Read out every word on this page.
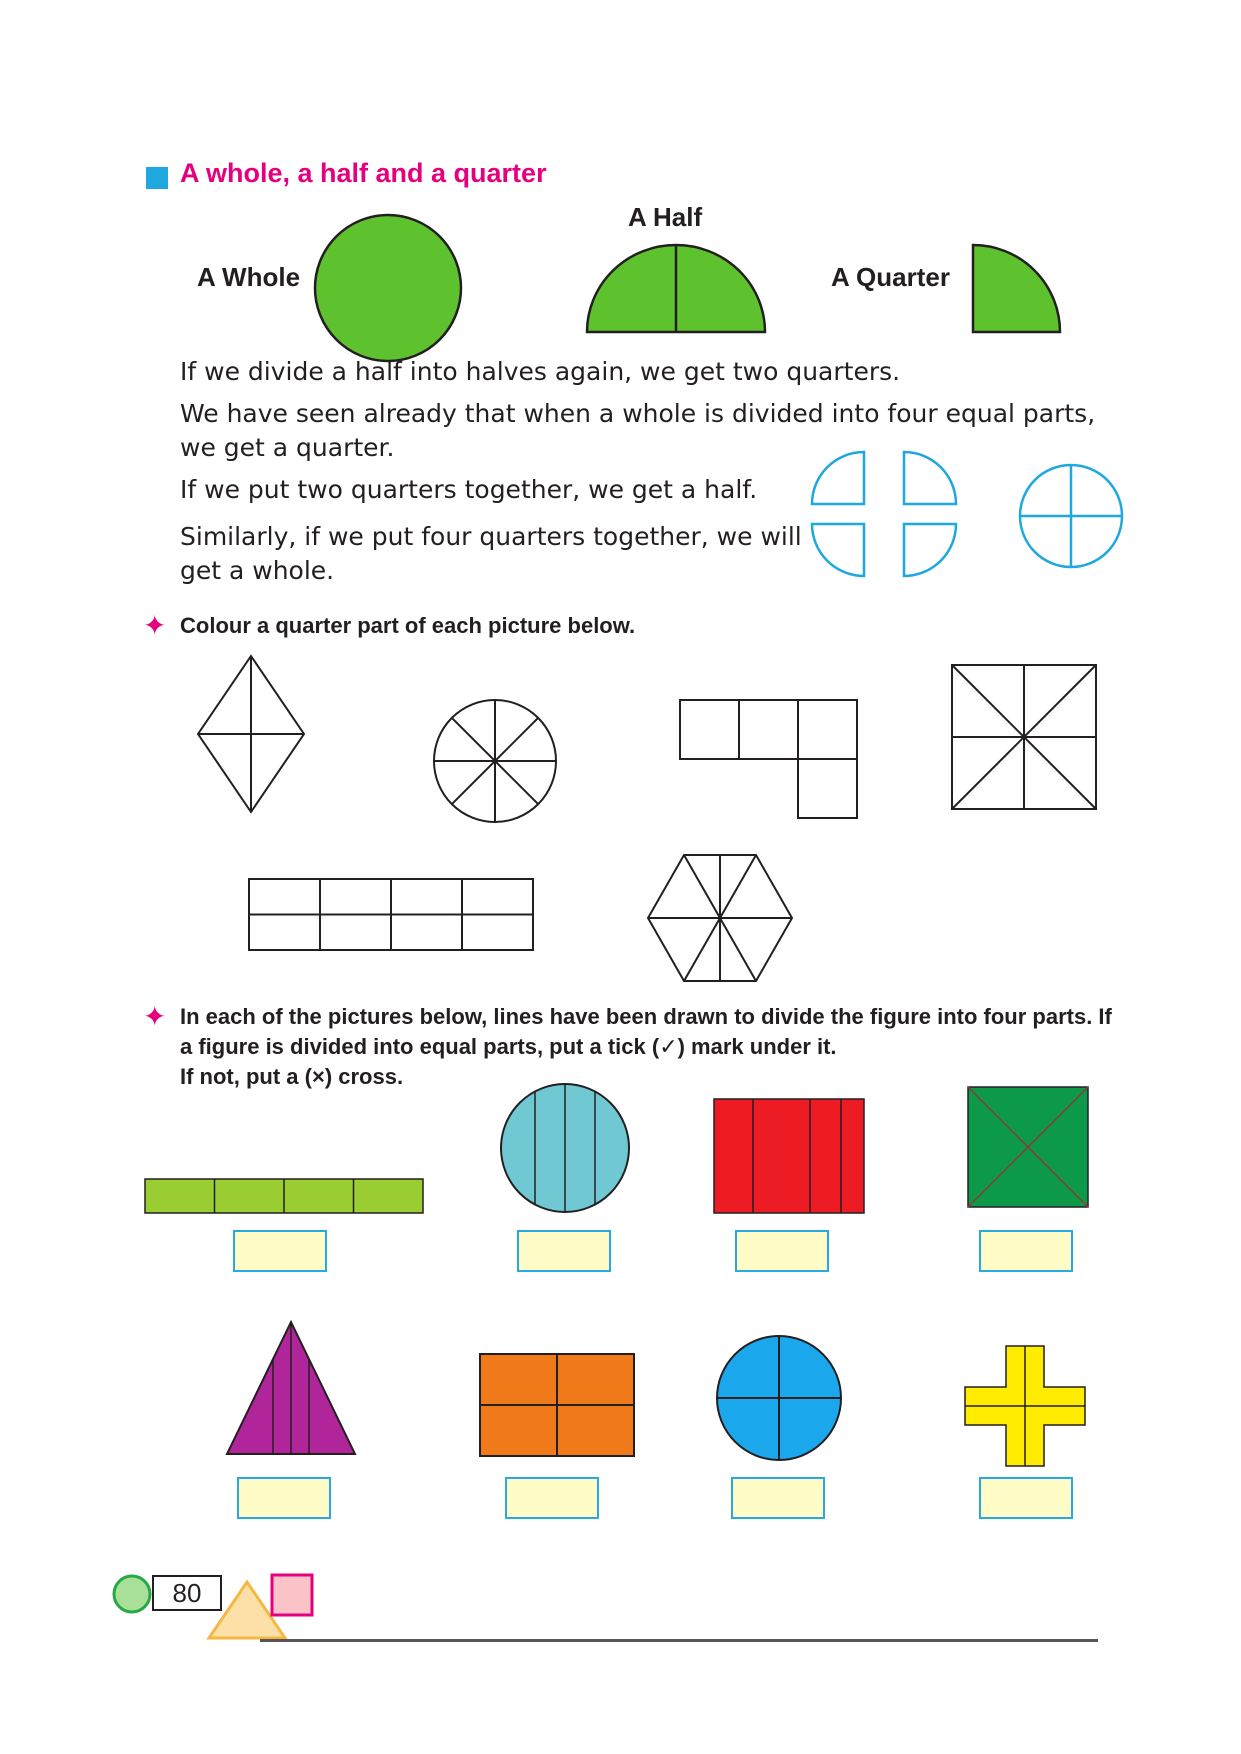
A whole, a half and a quarter
A Whole
A Half
A Quarter
If we divide a half into halves again, we get two quarters.
We have seen already that when a whole is divided into four equal parts,
we get a quarter.
If we put two quarters together, we get a half.
Similarly, if we put four quarters together, we will
get a whole.
✦ Colour a quarter part of each picture below.
✦ In each of the pictures below, lines have been drawn to divide the figure into four parts. If
a figure is divided into equal parts, put a tick (✓) mark under it.
If not, put a (×) cross.
80
